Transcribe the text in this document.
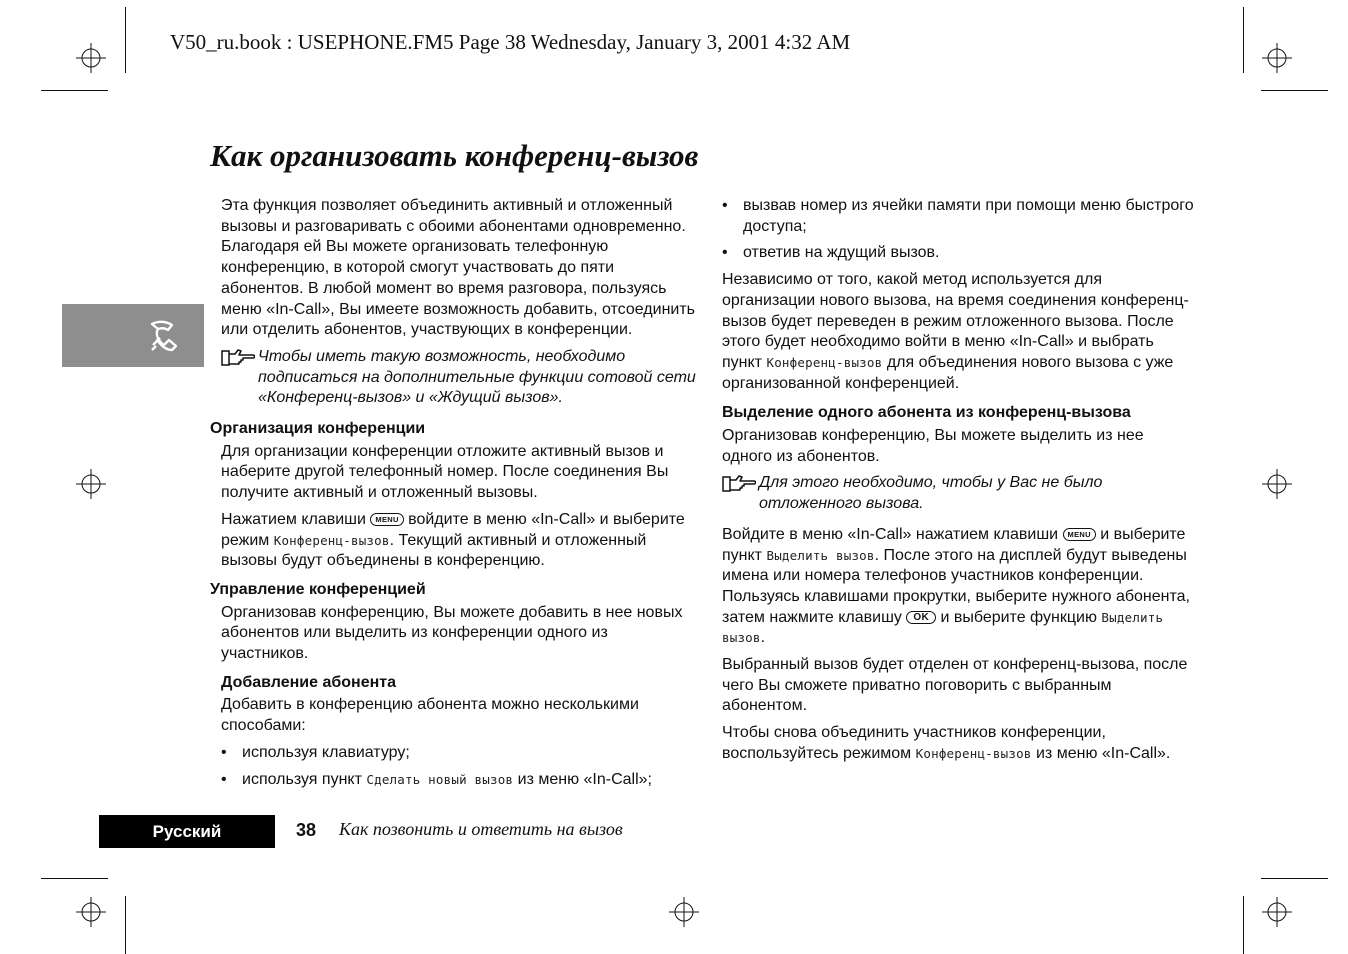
V50_ru.book : USEPHONE.FM5 Page 38 Wednesday, January 3, 2001 4:32 AM
Как организовать конференц-вызов

Эта функция позволяет объединить активный и отложенный вызовы и разговаривать с обоими абонентами одновременно. Благодаря ей Вы можете организовать телефонную конференцию, в которой смогут участвовать до пяти абонентов. В любой момент во время разговора, пользуясь меню «In-Call», Вы имеете возможность добавить, отсоединить или отделить абонентов, участвующих в конференции.

Чтобы иметь такую возможность, необходимо подписаться на дополнительные функции сотовой сети «Конференц-вызов» и «Ждущий вызов».
Организация конференции

Для организации конференции отложите активный вызов и наберите другой телефонный номер. После соединения Вы получите активный и отложенный вызовы.

Нажатием клавиши MENU войдите в меню «In-Call» и выберите режим Конференц-вызов. Текущий активный и отложенный вызовы будут объединены в конференцию.

Управление конференцией

Организовав конференцию, Вы можете добавить в нее новых абонентов или выделить из конференции одного из участников.

Добавление абонента

Добавить в конференцию абонента можно несколькими способами:

• используя клавиатуру;
• используя пункт Сделать новый вызов из меню «In-Call»;
• вызвав номер из ячейки памяти при помощи меню быстрого доступа;
• ответив на ждущий вызов.

Независимо от того, какой метод используется для организации нового вызова, на время соединения конференц-вызов будет переведен в режим отложенного вызова. После этого будет необходимо войти в меню «In-Call» и выбрать пункт Конференц-вызов для объединения нового вызова с уже организованной конференцией.

Выделение одного абонента из конференц-вызова

Организовав конференцию, Вы можете выделить из нее одного из абонентов.

Для этого необходимо, чтобы у Вас не было отложенного вызова.

Войдите в меню «In-Call» нажатием клавиши MENU и выберите пункт Выделить вызов. После этого на дисплей будут выведены имена или номера телефонов участников конференции. Пользуясь клавишами прокрутки, выберите нужного абонента, затем нажмите клавишу OK и выберите функцию Выделить вызов.

Выбранный вызов будет отделен от конференц-вызова, после чего Вы сможете приватно поговорить с выбранным абонентом.

Чтобы снова объединить участников конференции, воспользуйтесь режимом Конференц-вызов из меню «In-Call».

Русский	38 Как позвонить и ответить на вызов
